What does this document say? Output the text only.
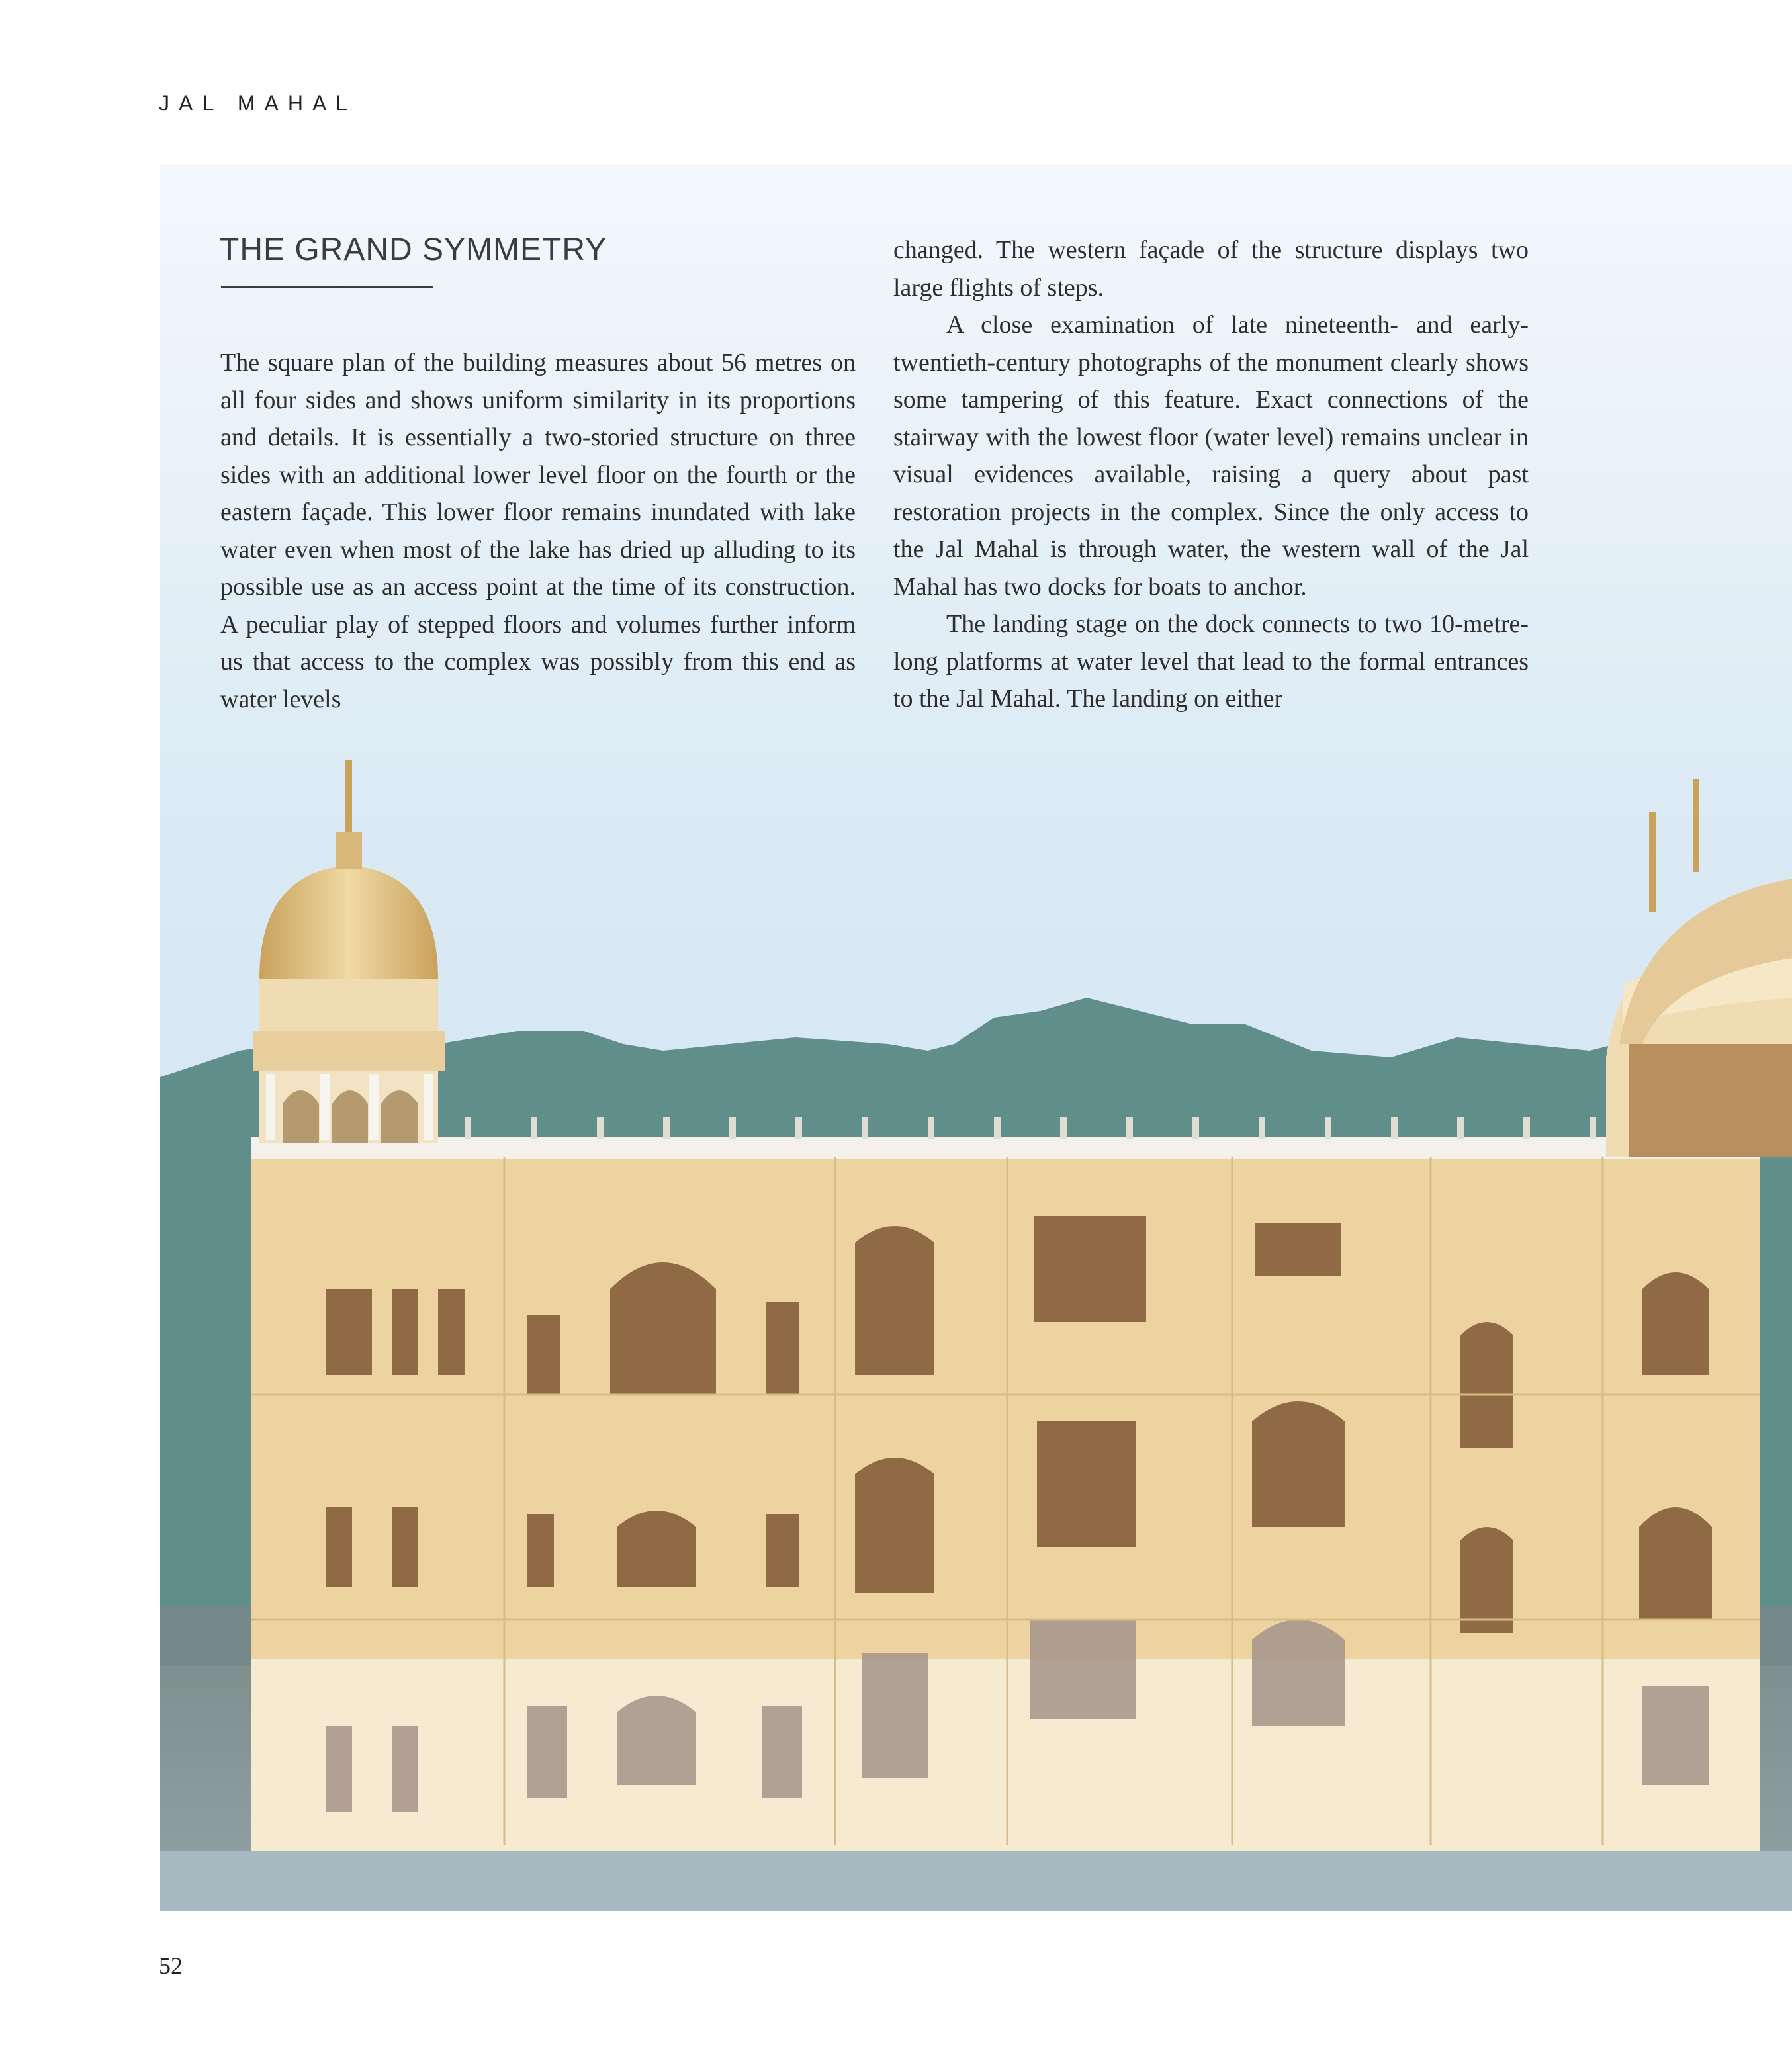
JAL MAHAL
THE GRAND SYMMETRY

The square plan of the building measures about 56 metres on all four sides and shows uniform similarity in its proportions and details. It is essentially a two-storied structure on three sides with an additional lower level floor on the fourth or the eastern façade. This lower floor remains inundated with lake water even when most of the lake has dried up alluding to its possible use as an access point at the time of its construction. A peculiar play of stepped floors and volumes further inform us that access to the complex was possibly from this end as water levels

changed. The western façade of the structure displays two large flights of steps.

A close examination of late nineteenth- and early-twentieth-century photographs of the monument clearly shows some tampering of this feature. Exact connections of the stairway with the lowest floor (water level) remains unclear in visual evidences available, raising a query about past restoration projects in the complex. Since the only access to the Jal Mahal is through water, the western wall of the Jal Mahal has two docks for boats to anchor.

The landing stage on the dock connects to two 10-metre-long platforms at water level that lead to the formal entrances to the Jal Mahal. The landing on either

52
